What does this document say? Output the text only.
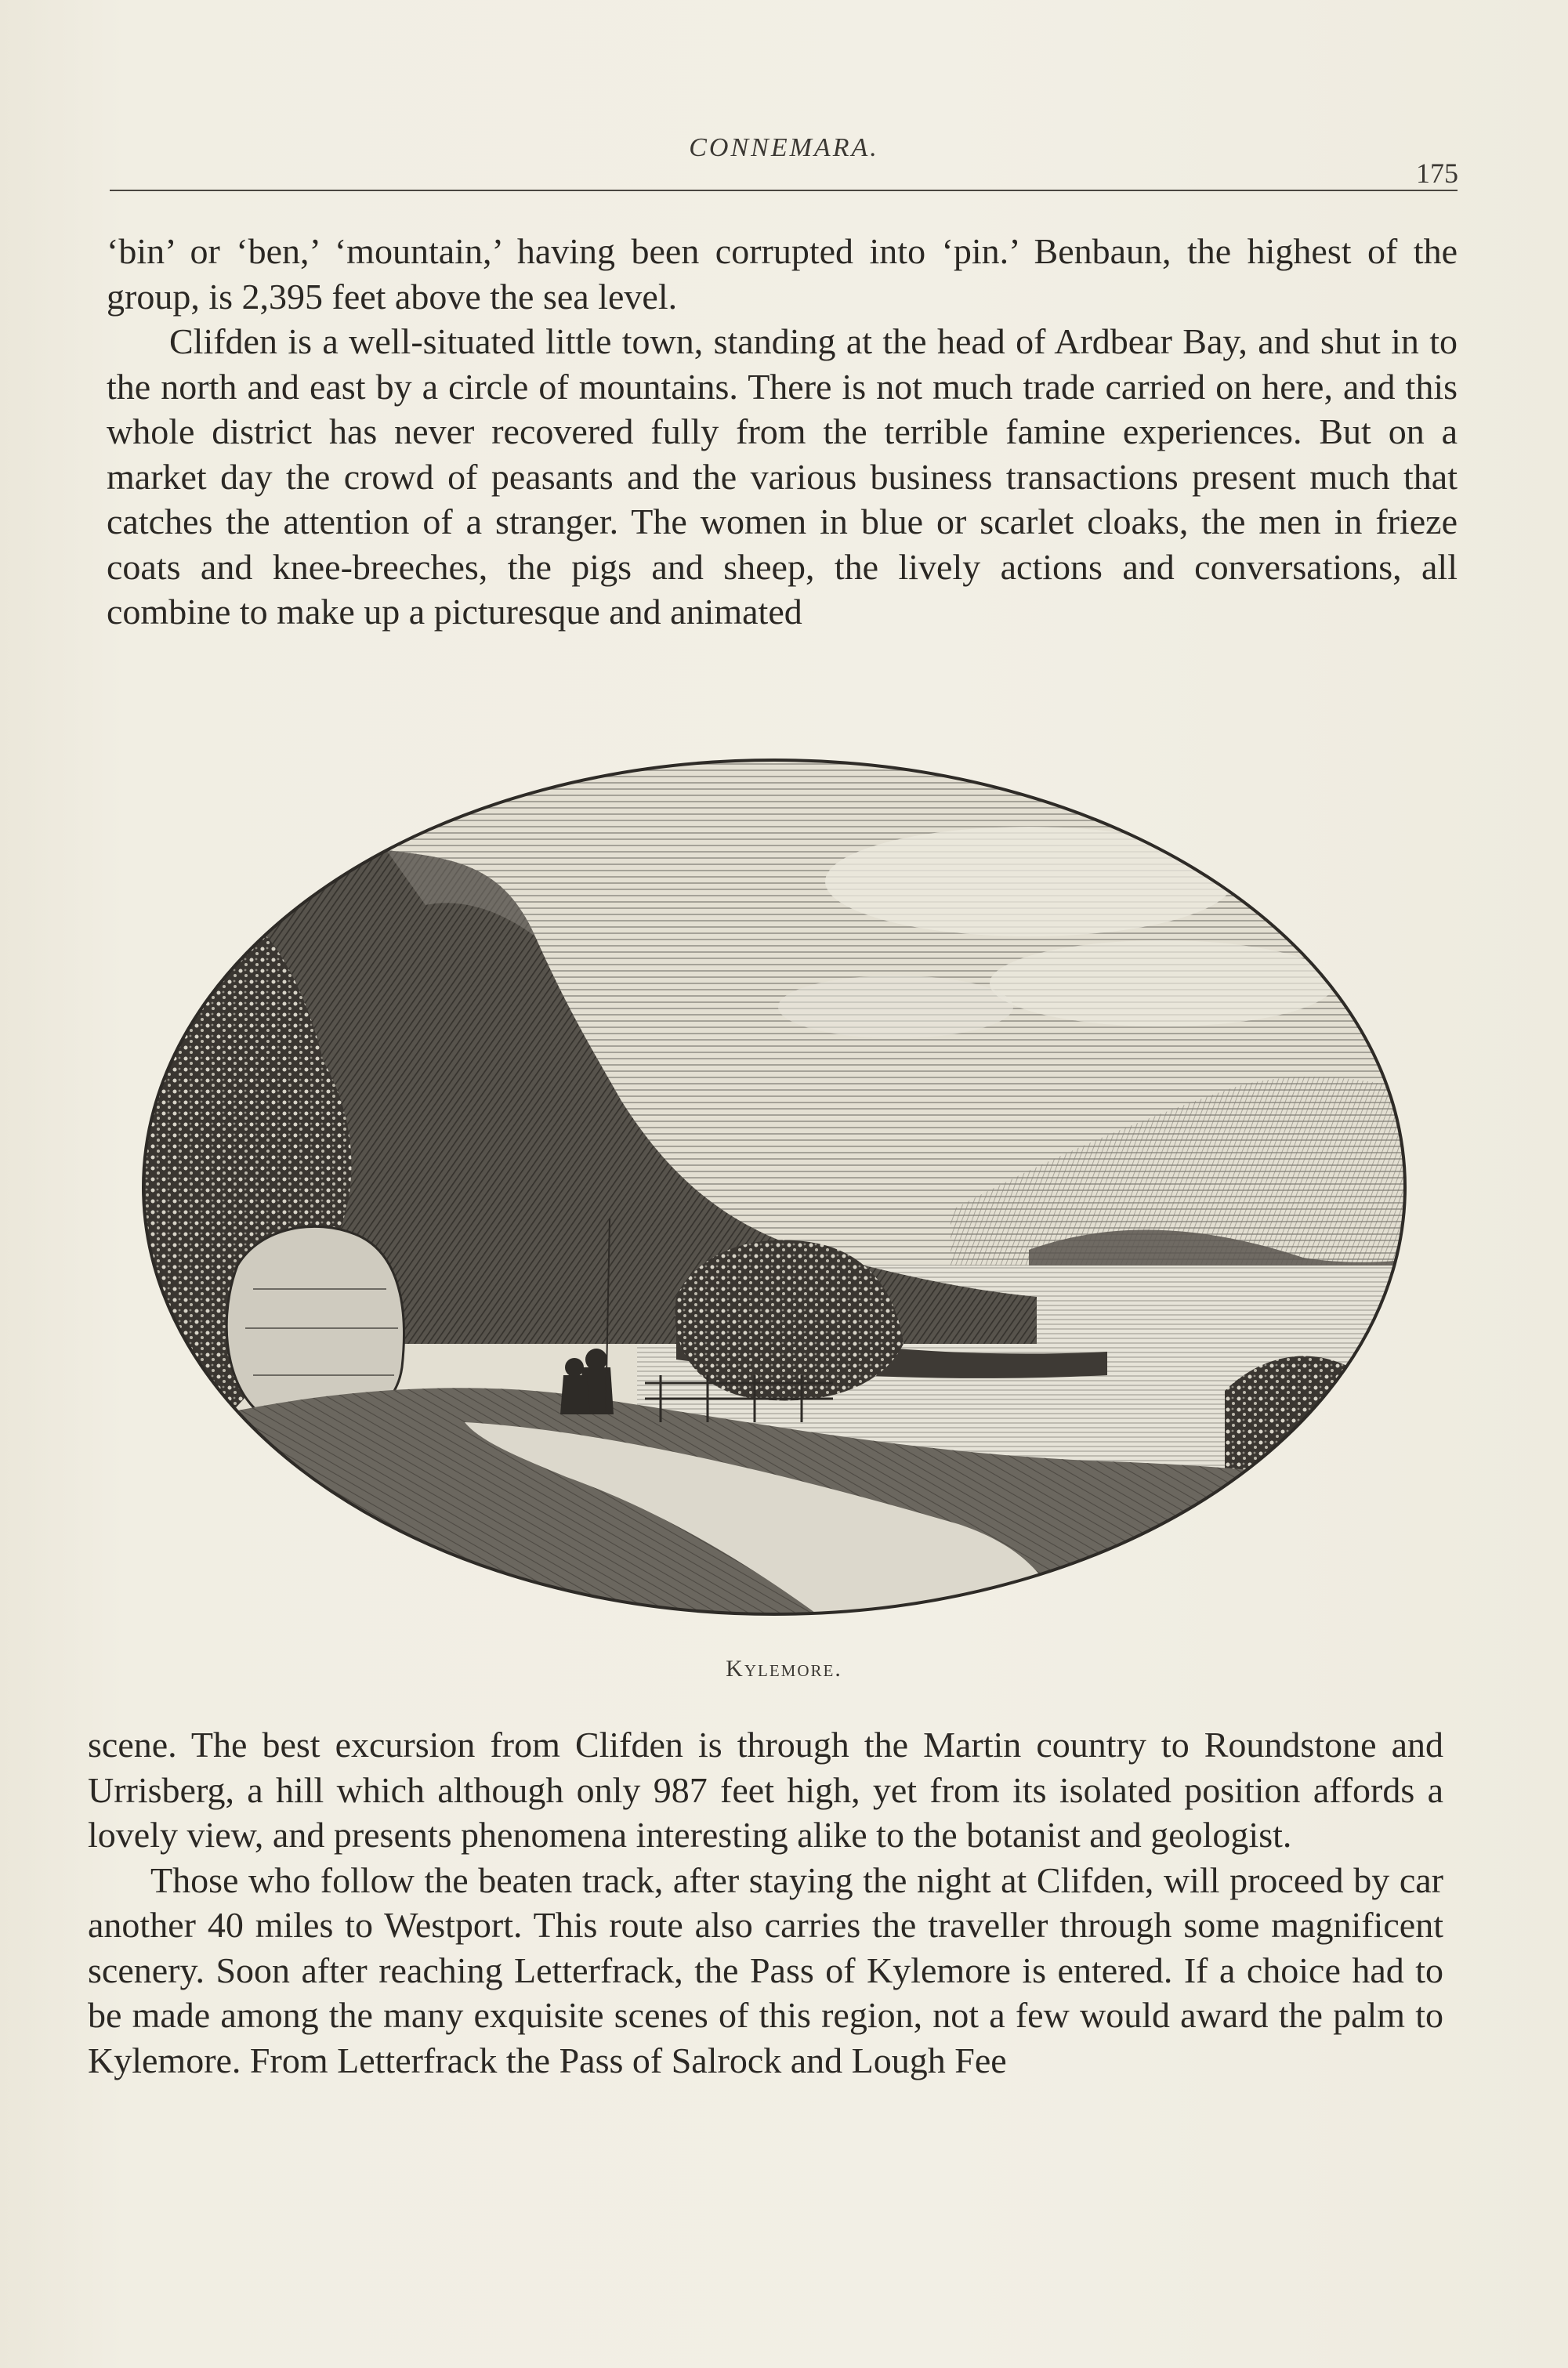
CONNEMARA.
175

‘bin’ or ‘ben,’ ‘mountain,’ having been corrupted into ‘pin.’ Benbaun, the highest of the group, is 2,395 feet above the sea level.

Clifden is a well-situated little town, standing at the head of Ardbear Bay, and shut in to the north and east by a circle of mountains. There is not much trade carried on here, and this whole district has never recovered fully from the terrible famine experiences. But on a market day the crowd of peasants and the various business transactions present much that catches the attention of a stranger. The women in blue or scarlet cloaks, the men in frieze coats and knee-breeches, the pigs and sheep, the lively actions and conversations, all combine to make up a picturesque and animated

Kylemore.

scene. The best excursion from Clifden is through the Martin country to Roundstone and Urrisberg, a hill which although only 987 feet high, yet from its isolated position affords a lovely view, and presents phenomena interesting alike to the botanist and geologist.

Those who follow the beaten track, after staying the night at Clifden, will proceed by car another 40 miles to Westport. This route also carries the traveller through some magnificent scenery. Soon after reaching Letterfrack, the Pass of Kylemore is entered. If a choice had to be made among the many exquisite scenes of this region, not a few would award the palm to Kylemore. From Letterfrack the Pass of Salrock and Lough Fee
